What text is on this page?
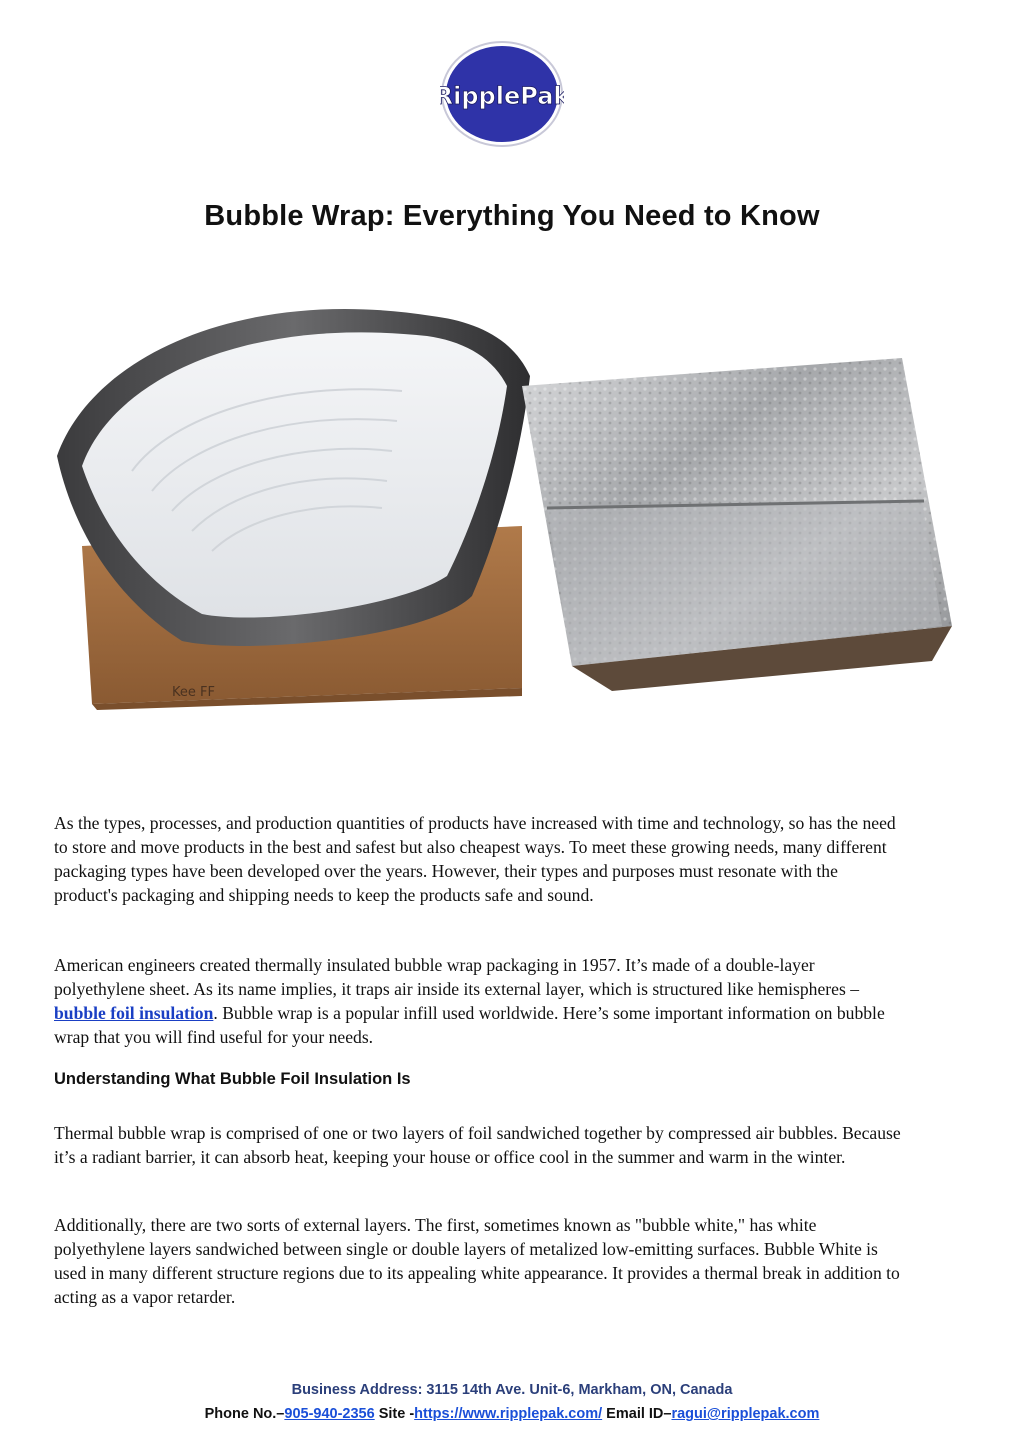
RipplePak
Bubble Wrap: Everything You Need to Know
Kee FF
As the types, processes, and production quantities of products have increased with time and technology, so has the need to store and move products in the best and safest but also cheapest ways. To meet these growing needs, many different packaging types have been developed over the years. However, their types and purposes must resonate with the product's packaging and shipping needs to keep the products safe and sound.
American engineers created thermally insulated bubble wrap packaging in 1957. It’s made of a double-layer polyethylene sheet. As its name implies, it traps air inside its external layer, which is structured like hemispheres – bubble foil insulation. Bubble wrap is a popular infill used worldwide. Here’s some important information on bubble wrap that you will find useful for your needs.
Understanding What Bubble Foil Insulation Is
Thermal bubble wrap is comprised of one or two layers of foil sandwiched together by compressed air bubbles. Because it’s a radiant barrier, it can absorb heat, keeping your house or office cool in the summer and warm in the winter.
Additionally, there are two sorts of external layers. The first, sometimes known as "bubble white," has white polyethylene layers sandwiched between single or double layers of metalized low-emitting surfaces. Bubble White is used in many different structure regions due to its appealing white appearance. It provides a thermal break in addition to acting as a vapor retarder.
Business Address: 3115 14th Ave. Unit-6, Markham, ON, Canada
Phone No.–905-940-2356 Site -https://www.ripplepak.com/ Email ID–ragui@ripplepak.com
